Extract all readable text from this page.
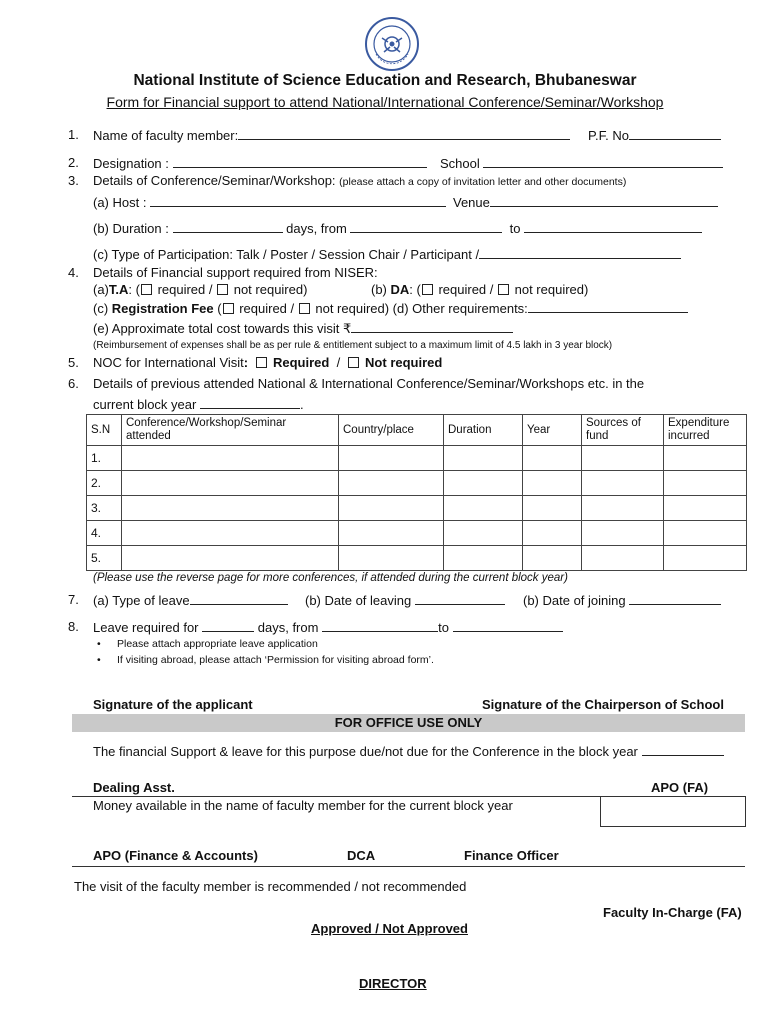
National Institute of Science Education and Research, Bhubaneswar
Form for Financial support to attend National/International Conference/Seminar/Workshop
1. Name of faculty member:	P.F. No
2. Designation :	School
3. Details of Conference/Seminar/Workshop: (please attach a copy of invitation letter and other documents)
(a) Host :	Venue
(b) Duration :	days, from	to
(c) Type of Participation: Talk / Poster / Session Chair / Participant /
4. Details of Financial support required from NISER:
(a)T.A: ( required /  not required)	(b) DA: ( required /  not required)
(c) Registration Fee ( required /  not required) (d) Other requirements:
(e) Approximate total cost towards this visit ₹
(Reimbursement of expenses shall be as per rule & entitlement subject to a maximum limit of 4.5 lakh in 3 year block)
5. NOC for International Visit: Required / Not required
6. Details of previous attended National & International Conference/Seminar/Workshops etc. in the
current block year	.
S.N	Conference/Workshop/Seminar attended	Country/place	Duration	Year	Sources of fund	Expenditure incurred
1.						
2.						
3.						
4.						
5.						
(Please use the reverse page for more conferences, if attended during the current block year)
7. (a) Type of leave	(b) Date of leaving	(b) Date of joining
8. Leave required for	days, from	to
• Please attach appropriate leave application
• If visiting abroad, please attach ‘Permission for visiting abroad form’.
Signature of the applicant	Signature of the Chairperson of School
FOR OFFICE USE ONLY
The financial Support & leave for this purpose due/not due for the Conference in the block year
Dealing Asst.	APO (FA)
Money available in the name of faculty member for the current block year
APO (Finance & Accounts)	DCA	Finance Officer
The visit of the faculty member is recommended / not recommended
Faculty In-Charge (FA)
Approved / Not Approved
DIRECTOR
